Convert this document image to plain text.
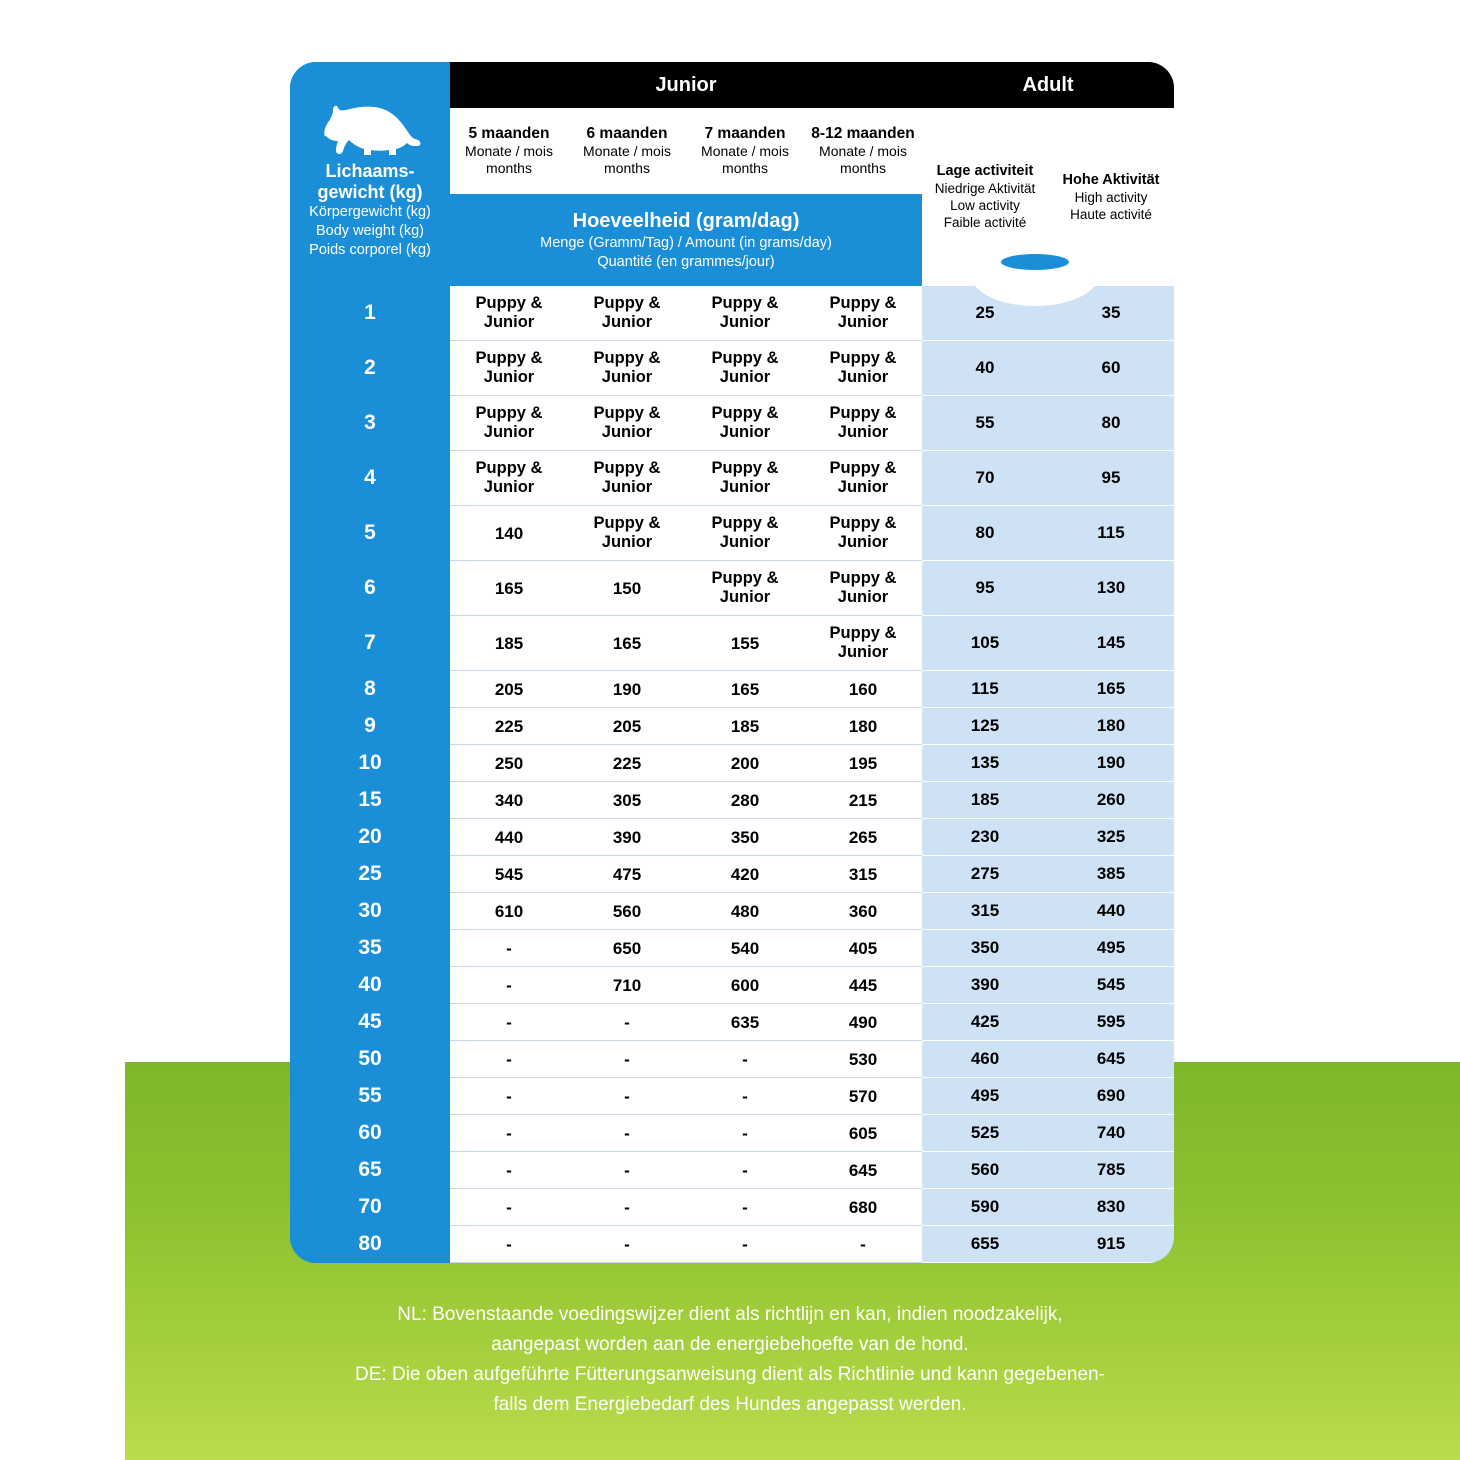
Lichaams-
gewicht (kg)
Körpergewicht (kg)
Body weight (kg)
Poids corporel (kg)	Junior				Adult	

5 maanden
Monate / mois
months

6 maanden
Monate / mois
months

7 maanden
Monate / mois
months

8-12 maanden
Monate / mois
months	Lage activiteit
Niedrige Aktivität
Low activity
Faible activité

Hohe Aktivität
High activity
Haute activité

	Hoeveelheid (gram/dag)
Menge (Gramm/Tag) / Amount (in grams/day)
Quantité (en grammes/jour)					

1	Puppy &
Junior

Puppy &
Junior

Puppy &
Junior

Puppy &
Junior	25	35
2	Puppy &
Junior

Puppy &
Junior

Puppy &
Junior

Puppy &
Junior	40	60
3	Puppy &
Junior

Puppy &
Junior

Puppy &
Junior

Puppy &
Junior	55	80
4	Puppy &
Junior

Puppy &
Junior

Puppy &
Junior

Puppy &
Junior	70	95
5	140	
Puppy &
Junior

Puppy &
Junior

Puppy &
Junior	80	115
6	165	150	
Puppy &
Junior

Puppy &
Junior	95	130
7	185	165	155	Puppy &
Junior	105	145
8	205	190	165	160	115	165
9	225	205	185	180	125	180
10	250	225	200	195	135	190
15	340	305	280	215	185	260
20	440	390	350	265	230	325
25	545	475	420	315	275	385
30	610	560	480	360	315	440
35	-	650	540	405	350	495
40	-	710	600	445	390	545
45	-	-	635	490	425	595
50	-	-	-	530	460	645
55	-	-	-	570	495	690
60	-	-	-	605	525	740
65	-	-	-	645	560	785
70	-	-	-	680	590	830
80	-	-	-	-	655	915
NL: Bovenstaande voedingswijzer dient als richtlijn en kan, indien noodzakelijk,
aangepast worden aan de energiebehoefte van de hond.
DE: Die oben aufgeführte Fütterungsanweisung dient als Richtlinie und kann gegebenen-
falls dem Energiebedarf des Hundes angepasst werden.
